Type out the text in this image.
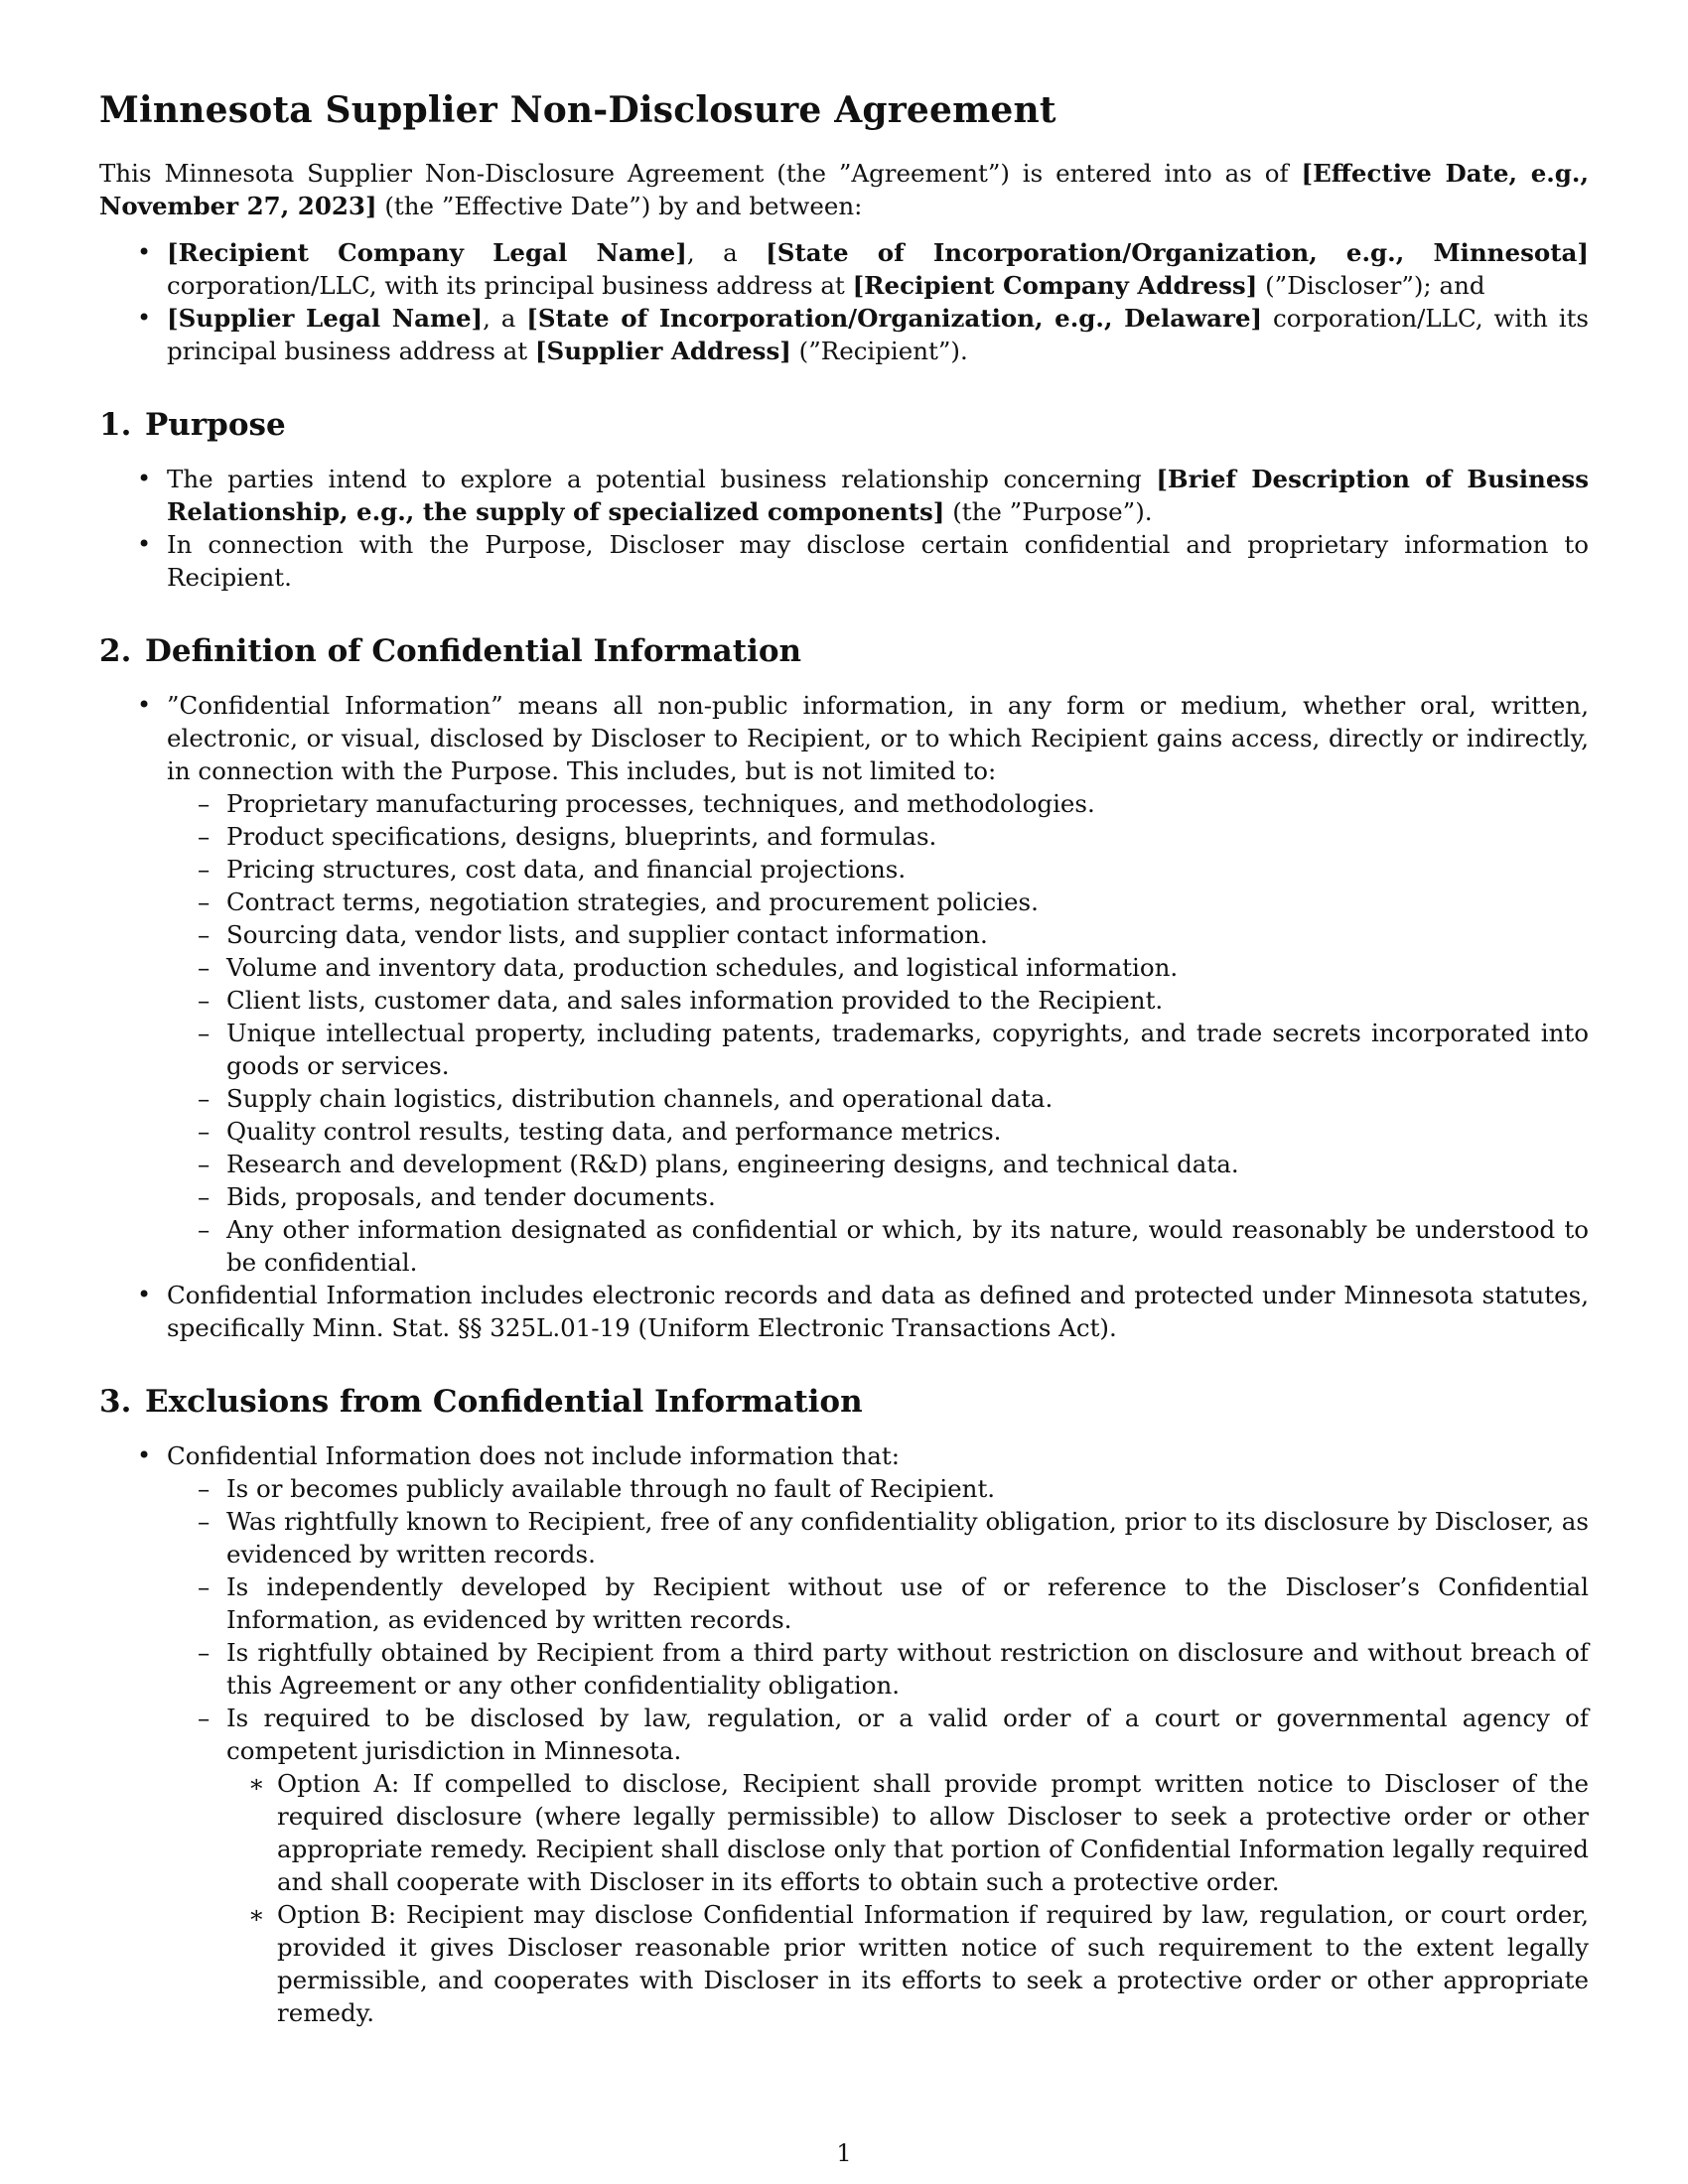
Minnesota Supplier Non-Disclosure Agreement

This Minnesota Supplier Non-Disclosure Agreement (the ”Agreement”) is entered into as of [Effective Date, e.g., November 27, 2023] (the ”Effective Date”) by and between:

• [Recipient Company Legal Name], a [State of Incorporation/Organization, e.g., Minnesota] corporation/LLC, with its principal business address at [Recipient Company Address] (”Discloser”); and
• [Supplier Legal Name], a [State of Incorporation/Organization, e.g., Delaware] corporation/LLC, with its principal business address at [Supplier Address] (”Recipient”).
1. Purpose
• The parties intend to explore a potential business relationship concerning [Brief Description of Business Relationship, e.g., the supply of specialized components] (the ”Purpose”).
• In connection with the Purpose, Discloser may disclose certain confidential and proprietary information to Recipient.
2. Definition of Confidential Information
• ”Confidential Information” means all non-public information, in any form or medium, whether oral, written, electronic, or visual, disclosed by Discloser to Recipient, or to which Recipient gains access, directly or indirectly, in connection with the Purpose. This includes, but is not limited to:
– Proprietary manufacturing processes, techniques, and methodologies.
– Product specifications, designs, blueprints, and formulas.
– Pricing structures, cost data, and financial projections.
– Contract terms, negotiation strategies, and procurement policies.
– Sourcing data, vendor lists, and supplier contact information.
– Volume and inventory data, production schedules, and logistical information.
– Client lists, customer data, and sales information provided to the Recipient.
– Unique intellectual property, including patents, trademarks, copyrights, and trade secrets incorporated into goods or services.
– Supply chain logistics, distribution channels, and operational data.
– Quality control results, testing data, and performance metrics.
– Research and development (R&D) plans, engineering designs, and technical data.
– Bids, proposals, and tender documents.
– Any other information designated as confidential or which, by its nature, would reasonably be understood to be confidential.
• Confidential Information includes electronic records and data as defined and protected under Minnesota statutes, specifically Minn. Stat. §§ 325L.01-19 (Uniform Electronic Transactions Act).
3. Exclusions from Confidential Information
• Confidential Information does not include information that:
– Is or becomes publicly available through no fault of Recipient.
– Was rightfully known to Recipient, free of any confidentiality obligation, prior to its disclosure by Discloser, as evidenced by written records.
– Is independently developed by Recipient without use of or reference to the Discloser’s Confidential Information, as evidenced by written records.
– Is rightfully obtained by Recipient from a third party without restriction on disclosure and without breach of this Agreement or any other confidentiality obligation.
– Is required to be disclosed by law, regulation, or a valid order of a court or governmental agency of competent jurisdiction in Minnesota.
∗ Option A: If compelled to disclose, Recipient shall provide prompt written notice to Discloser of the required disclosure (where legally permissible) to allow Discloser to seek a protective order or other appropriate remedy. Recipient shall disclose only that portion of Confidential Information legally required and shall cooperate with Discloser in its efforts to obtain such a protective order.
∗ Option B: Recipient may disclose Confidential Information if required by law, regulation, or court order, provided it gives Discloser reasonable prior written notice of such requirement to the extent legally permissible, and cooperates with Discloser in its efforts to seek a protective order or other appropriate remedy.
1
